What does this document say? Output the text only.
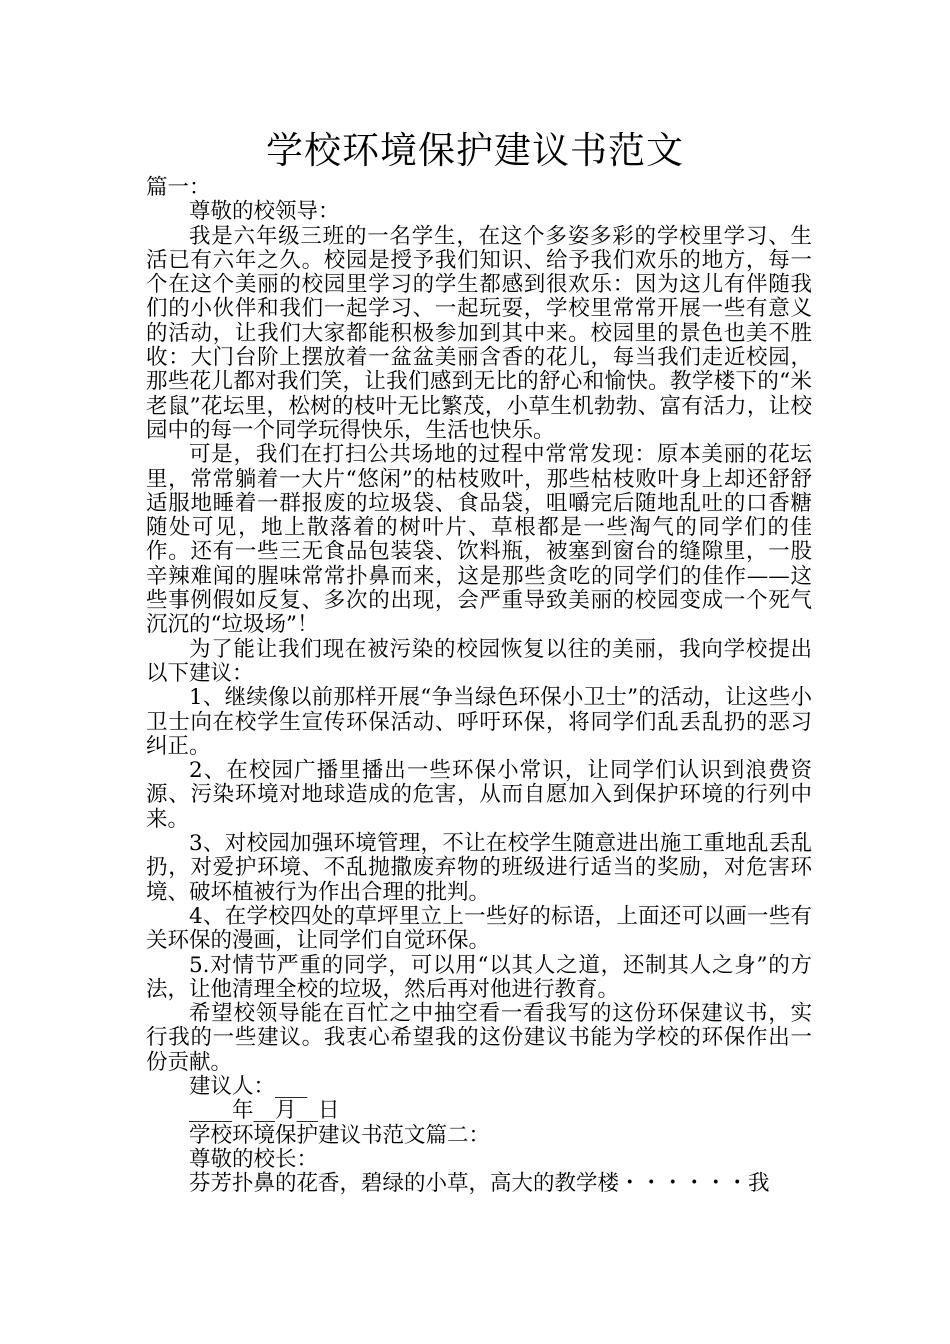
学校环境保护建议书范文

篇一：

尊敬的校领导：

我是六年级三班的一名学生，在这个多姿多彩的学校里学习、生活已有六年之久。校园是授予我们知识、给予我们欢乐的地方，每一个在这个美丽的校园里学习的学生都感到很欢乐：因为这儿有伴随我们的小伙伴和我们一起学习、一起玩耍，学校里常常开展一些有意义的活动，让我们大家都能积极参加到其中来。校园里的景色也美不胜收：大门台阶上摆放着一盆盆美丽含香的花儿，每当我们走近校园，那些花儿都对我们笑，让我们感到无比的舒心和愉快。教学楼下的“米老鼠”花坛里，松树的枝叶无比繁茂，小草生机勃勃、富有活力，让校园中的每一个同学玩得快乐，生活也快乐。

可是，我们在打扫公共场地的过程中常常发现：原本美丽的花坛里，常常躺着一大片“悠闲”的枯枝败叶，那些枯枝败叶身上却还舒舒适服地睡着一群报废的垃圾袋、食品袋，咀嚼完后随地乱吐的口香糖随处可见，地上散落着的树叶片、草根都是一些淘气的同学们的佳作。还有一些三无食品包装袋、饮料瓶，被塞到窗台的缝隙里，一股辛辣难闻的腥味常常扑鼻而来，这是那些贪吃的同学们的佳作——这些事例假如反复、多次的出现，会严重导致美丽的校园变成一个死气沉沉的“垃圾场”！

为了能让我们现在被污染的校园恢复以往的美丽，我向学校提出以下建议：

1、继续像以前那样开展“争当绿色环保小卫士”的活动，让这些小卫士向在校学生宣传环保活动、呼吁环保，将同学们乱丢乱扔的恶习纠正。

2、在校园广播里播出一些环保小常识，让同学们认识到浪费资源、污染环境对地球造成的危害，从而自愿加入到保护环境的行列中来。

3、对校园加强环境管理，不让在校学生随意进出施工重地乱丢乱扔，对爱护环境、不乱抛撒废弃物的班级进行适当的奖励，对危害环境、破坏植被行为作出合理的批判。

4、在学校四处的草坪里立上一些好的标语，上面还可以画一些有关环保的漫画，让同学们自觉环保。

5.对情节严重的同学，可以用“以其人之道，还制其人之身”的方法，让他清理全校的垃圾，然后再对他进行教育。

希望校领导能在百忙之中抽空看一看我写的这份环保建议书，实行我的一些建议。我衷心希望我的这份建议书能为学校的环保作出一份贡献。

建议人：___

____年__月__日

学校环境保护建议书范文篇二：

尊敬的校长：

芬芳扑鼻的花香，碧绿的小草，高大的教学楼・・・・・・我
